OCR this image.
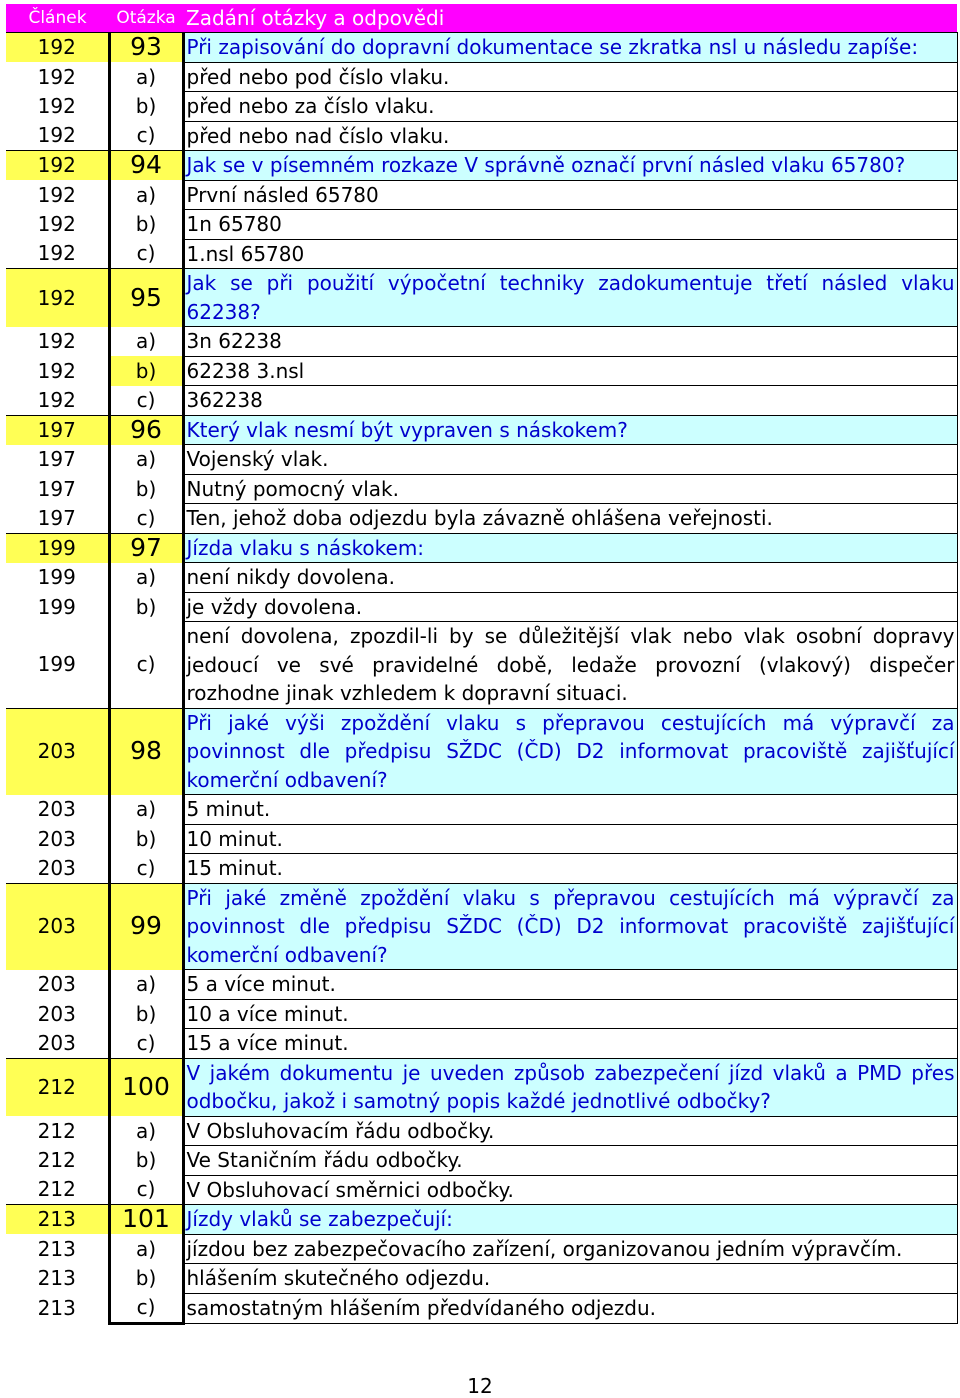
Článek	Otázka	Zadání otázky a odpovědi
192	93	Při zapisování do dopravní dokumentace se zkratka nsl u následu zapíše:
192	a)	před nebo pod číslo vlaku.
192	b)	před nebo za číslo vlaku.
192	c)	před nebo nad číslo vlaku.
192	94	Jak se v písemném rozkaze V správně označí první násled vlaku 65780?
192	a)	První násled 65780
192	b)	1n 65780
192	c)	1.nsl 65780
192	95	Jak se při použití výpočetní techniky zadokumentuje třetí násled vlaku 62238?
192	a)	3n 62238
192	b)	62238 3.nsl
192	c)	362238
197	96	Který vlak nesmí být vypraven s náskokem?
197	a)	Vojenský vlak.
197	b)	Nutný pomocný vlak.
197	c)	Ten, jehož doba odjezdu byla závazně ohlášena veřejnosti.
199	97	Jízda vlaku s náskokem:
199	a)	není nikdy dovolena.
199	b)	je vždy dovolena.
199	c)	není dovolena, zpozdil-li by se důležitější vlak nebo vlak osobní dopravy jedoucí ve své pravidelné době, ledaže provozní (vlakový) dispečer rozhodne jinak vzhledem k dopravní situaci.
203	98	Při jaké výši zpoždění vlaku s přepravou cestujících má výpravčí za povinnost dle předpisu SŽDC (ČD) D2 informovat pracoviště zajišťující komerční odbavení?
203	a)	5 minut.
203	b)	10 minut.
203	c)	15 minut.
203	99	Při jaké změně zpoždění vlaku s přepravou cestujících má výpravčí za povinnost dle předpisu SŽDC (ČD) D2 informovat pracoviště zajišťující komerční odbavení?
203	a)	5 a více minut.
203	b)	10 a více minut.
203	c)	15 a více minut.
212	100	V jakém dokumentu je uveden způsob zabezpečení jízd vlaků a PMD přes odbočku, jakož i samotný popis každé jednotlivé odbočky?
212	a)	V Obsluhovacím řádu odbočky.
212	b)	Ve Staničním řádu odbočky.
212	c)	V Obsluhovací směrnici odbočky.
213	101	Jízdy vlaků se zabezpečují:
213	a)	jízdou bez zabezpečovacího zařízení, organizovanou jedním výpravčím.
213	b)	hlášením skutečného odjezdu.
213	c)	samostatným hlášením předvídaného odjezdu.
12
